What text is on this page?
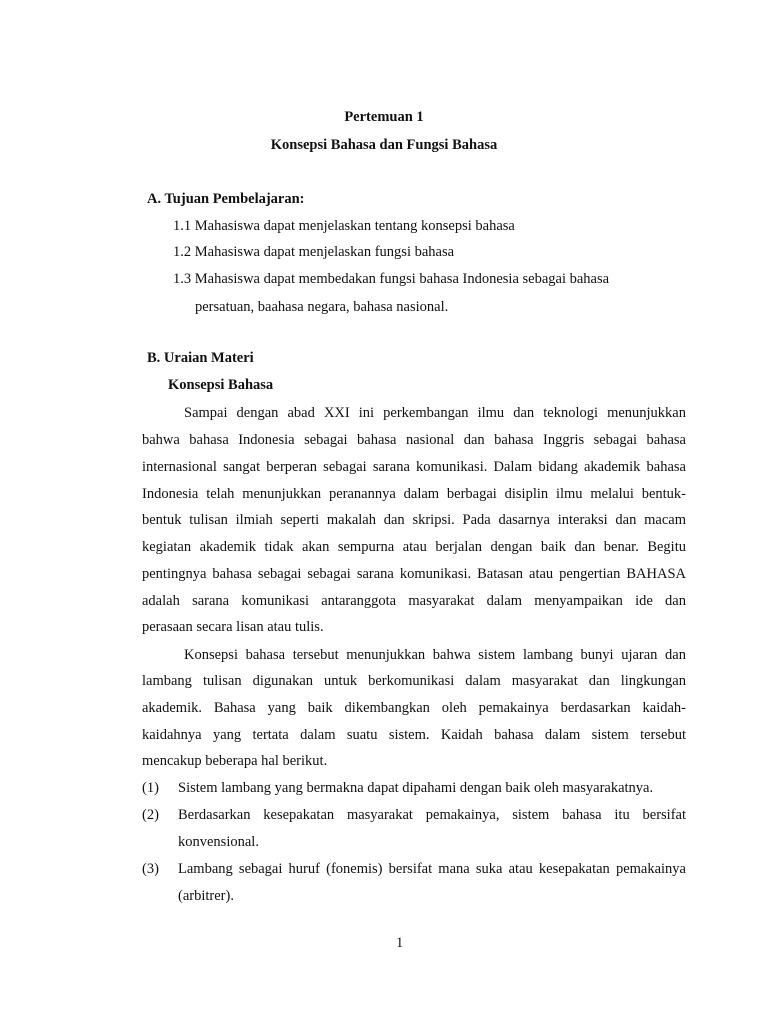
Pertemuan 1
Konsepsi Bahasa dan Fungsi Bahasa
A. Tujuan Pembelajaran:
1.1 Mahasiswa dapat menjelaskan tentang konsepsi bahasa
1.2 Mahasiswa dapat menjelaskan fungsi bahasa
1.3 Mahasiswa dapat membedakan fungsi bahasa Indonesia sebagai bahasa
persatuan, baahasa negara, bahasa nasional.
B. Uraian Materi
Konsepsi Bahasa
Sampai dengan abad XXI ini perkembangan ilmu dan teknologi menunjukkan
bahwa bahasa Indonesia sebagai bahasa nasional dan bahasa Inggris sebagai bahasa
internasional sangat berperan sebagai sarana komunikasi. Dalam bidang akademik bahasa
Indonesia telah menunjukkan peranannya dalam berbagai disiplin ilmu melalui bentuk-
bentuk tulisan ilmiah seperti makalah dan skripsi. Pada dasarnya interaksi dan macam
kegiatan akademik tidak akan sempurna atau berjalan dengan baik dan benar. Begitu
pentingnya bahasa sebagai sebagai sarana komunikasi. Batasan atau pengertian BAHASA
adalah sarana komunikasi antaranggota masyarakat dalam menyampaikan ide dan
perasaan secara lisan atau tulis.
Konsepsi bahasa tersebut menunjukkan bahwa sistem lambang bunyi ujaran dan
lambang tulisan digunakan untuk berkomunikasi dalam masyarakat dan lingkungan
akademik. Bahasa yang baik dikembangkan oleh pemakainya berdasarkan kaidah-
kaidahnya yang tertata dalam suatu sistem. Kaidah bahasa dalam sistem tersebut
mencakup beberapa hal berikut.
(1) Sistem lambang yang bermakna dapat dipahami dengan baik oleh masyarakatnya.
(2) Berdasarkan kesepakatan masyarakat pemakainya, sistem bahasa itu bersifat
konvensional.
(3) Lambang sebagai huruf (fonemis) bersifat mana suka atau kesepakatan pemakainya
(arbitrer).
1
